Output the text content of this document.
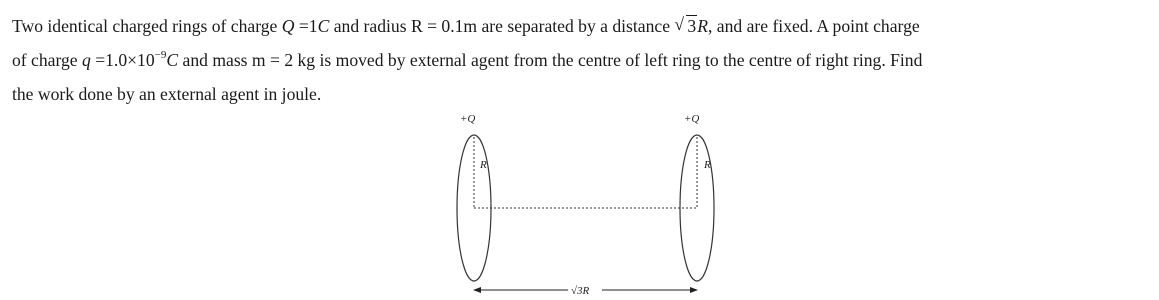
Two identical charged rings of charge Q =1C and radius R = 0.1m are separated by a distance √ 3R, and are fixed. A point charge
of charge $q =1.0\times 10^{-9}C$ and mass m = 2 kg is moved by external agent from the centre of left ring to the centre of right ring. Find
the work done by an external agent in joule.
+Q
R
+Q
R
√3R
